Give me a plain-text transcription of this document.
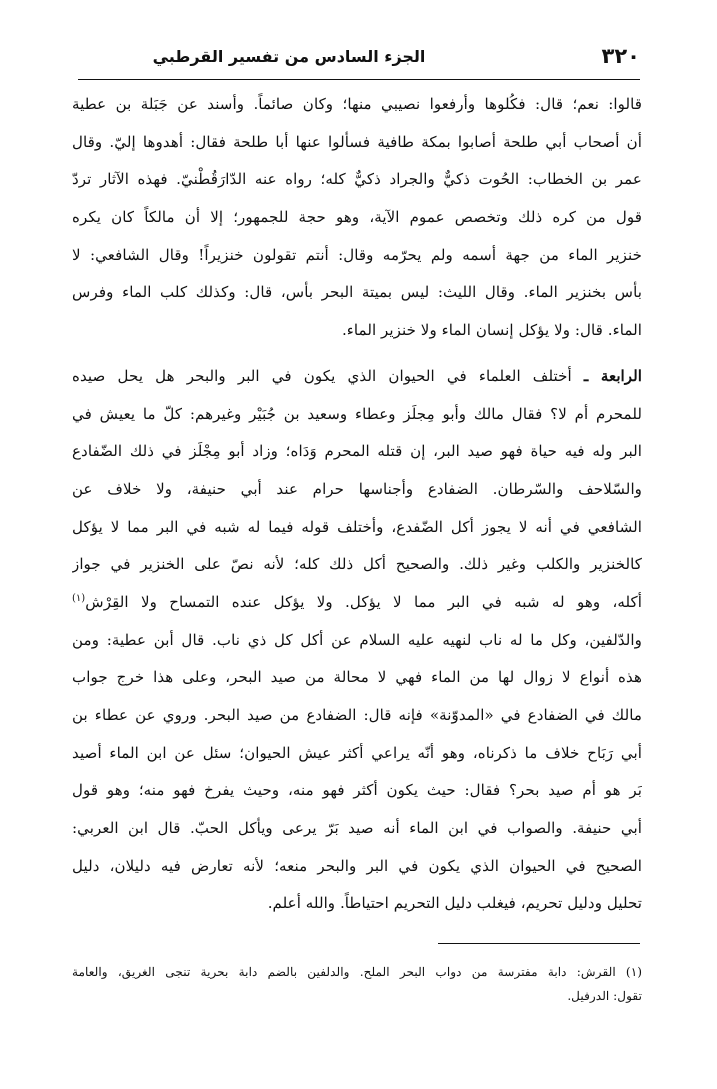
٣٢٠
الجزء السادس من تفسير القرطبي
قالوا: نعم؛ قال: فكُلوها وأرفعوا نصيبي منها؛ وكان صائماً. وأسند عن جَبَلة بن عطية
أن أصحاب أبي طلحة أصابوا بمكة طافية فسألوا عنها أبا طلحة فقال: أهدوها إليّ. وقال
عمر بن الخطاب: الحُوت ذكيٌّ والجراد ذكيٌّ كله؛ رواه عنه الدّارَقُطْنيّ. فهذه الآثار تردّ
قول من كره ذلك وتخصص عموم الآية، وهو حجة للجمهور؛ إلا أن مالكاً كان يكره
خنزير الماء من جهة أسمه ولم يحرّمه وقال: أنتم تقولون خنزيراً! وقال الشافعي: لا
بأس بخنزير الماء. وقال الليث: ليس بميتة البحر بأس، قال: وكذلك كلب الماء وفرس
الماء. قال: ولا يؤكل إنسان الماء ولا خنزير الماء.
الرابعة ـ أختلف العلماء في الحيوان الذي يكون في البر والبحر هل يحل صيده
للمحرم أم لا؟ فقال مالك وأبو مِجلَز وعطاء وسعيد بن جُبَيْر وغيرهم: كلّ ما يعيش في
البر وله فيه حياة فهو صيد البر، إن قتله المحرم وَدَاه؛ وزاد أبو مِجْلَز في ذلك الضّفادع
والسّلاحف والسّرطان. الضفادع وأجناسها حرام عند أبي حنيفة، ولا خلاف عن
الشافعي في أنه لا يجوز أكل الضّفدع، وأختلف قوله فيما له شبه في البر مما لا يؤكل
كالخنزير والكلب وغير ذلك. والصحيح أكل ذلك كله؛ لأنه نصّ على الخنزير في جواز
أكله، وهو له شبه في البر مما لا يؤكل. ولا يؤكل عنده التمساح ولا القِرْش$^{(١)}$
والدّلفين، وكل ما له ناب لنهيه عليه السلام عن أكل كل ذي ناب. قال أبن عطية: ومن
هذه أنواع لا زوال لها من الماء فهي لا محالة من صيد البحر، وعلى هذا خرج جواب
مالك في الضفادع في «المدوّنة» فإنه قال: الضفادع من صيد البحر. وروي عن عطاء بن
أبي رَبَاح خلاف ما ذكرناه، وهو أنّه يراعي أكثر عيش الحيوان؛ سئل عن ابن الماء أصيد
بَر هو أم صيد بحر؟ فقال: حيث يكون أكثر فهو منه، وحيث يفرخ فهو منه؛ وهو قول
أبي حنيفة. والصواب في ابن الماء أنه صيد بَرّ يرعى ويأكل الحبّ. قال ابن العربي:
الصحيح في الحيوان الذي يكون في البر والبحر منعه؛ لأنه تعارض فيه دليلان، دليل
تحليل ودليل تحريم، فيغلب دليل التحريم احتياطاً. والله أعلم.
(١) القرش: دابة مفترسة من دواب البحر الملح. والدلفين بالضم دابة بحرية تنجى الغريق، والعامة
تقول: الدرفيل.
